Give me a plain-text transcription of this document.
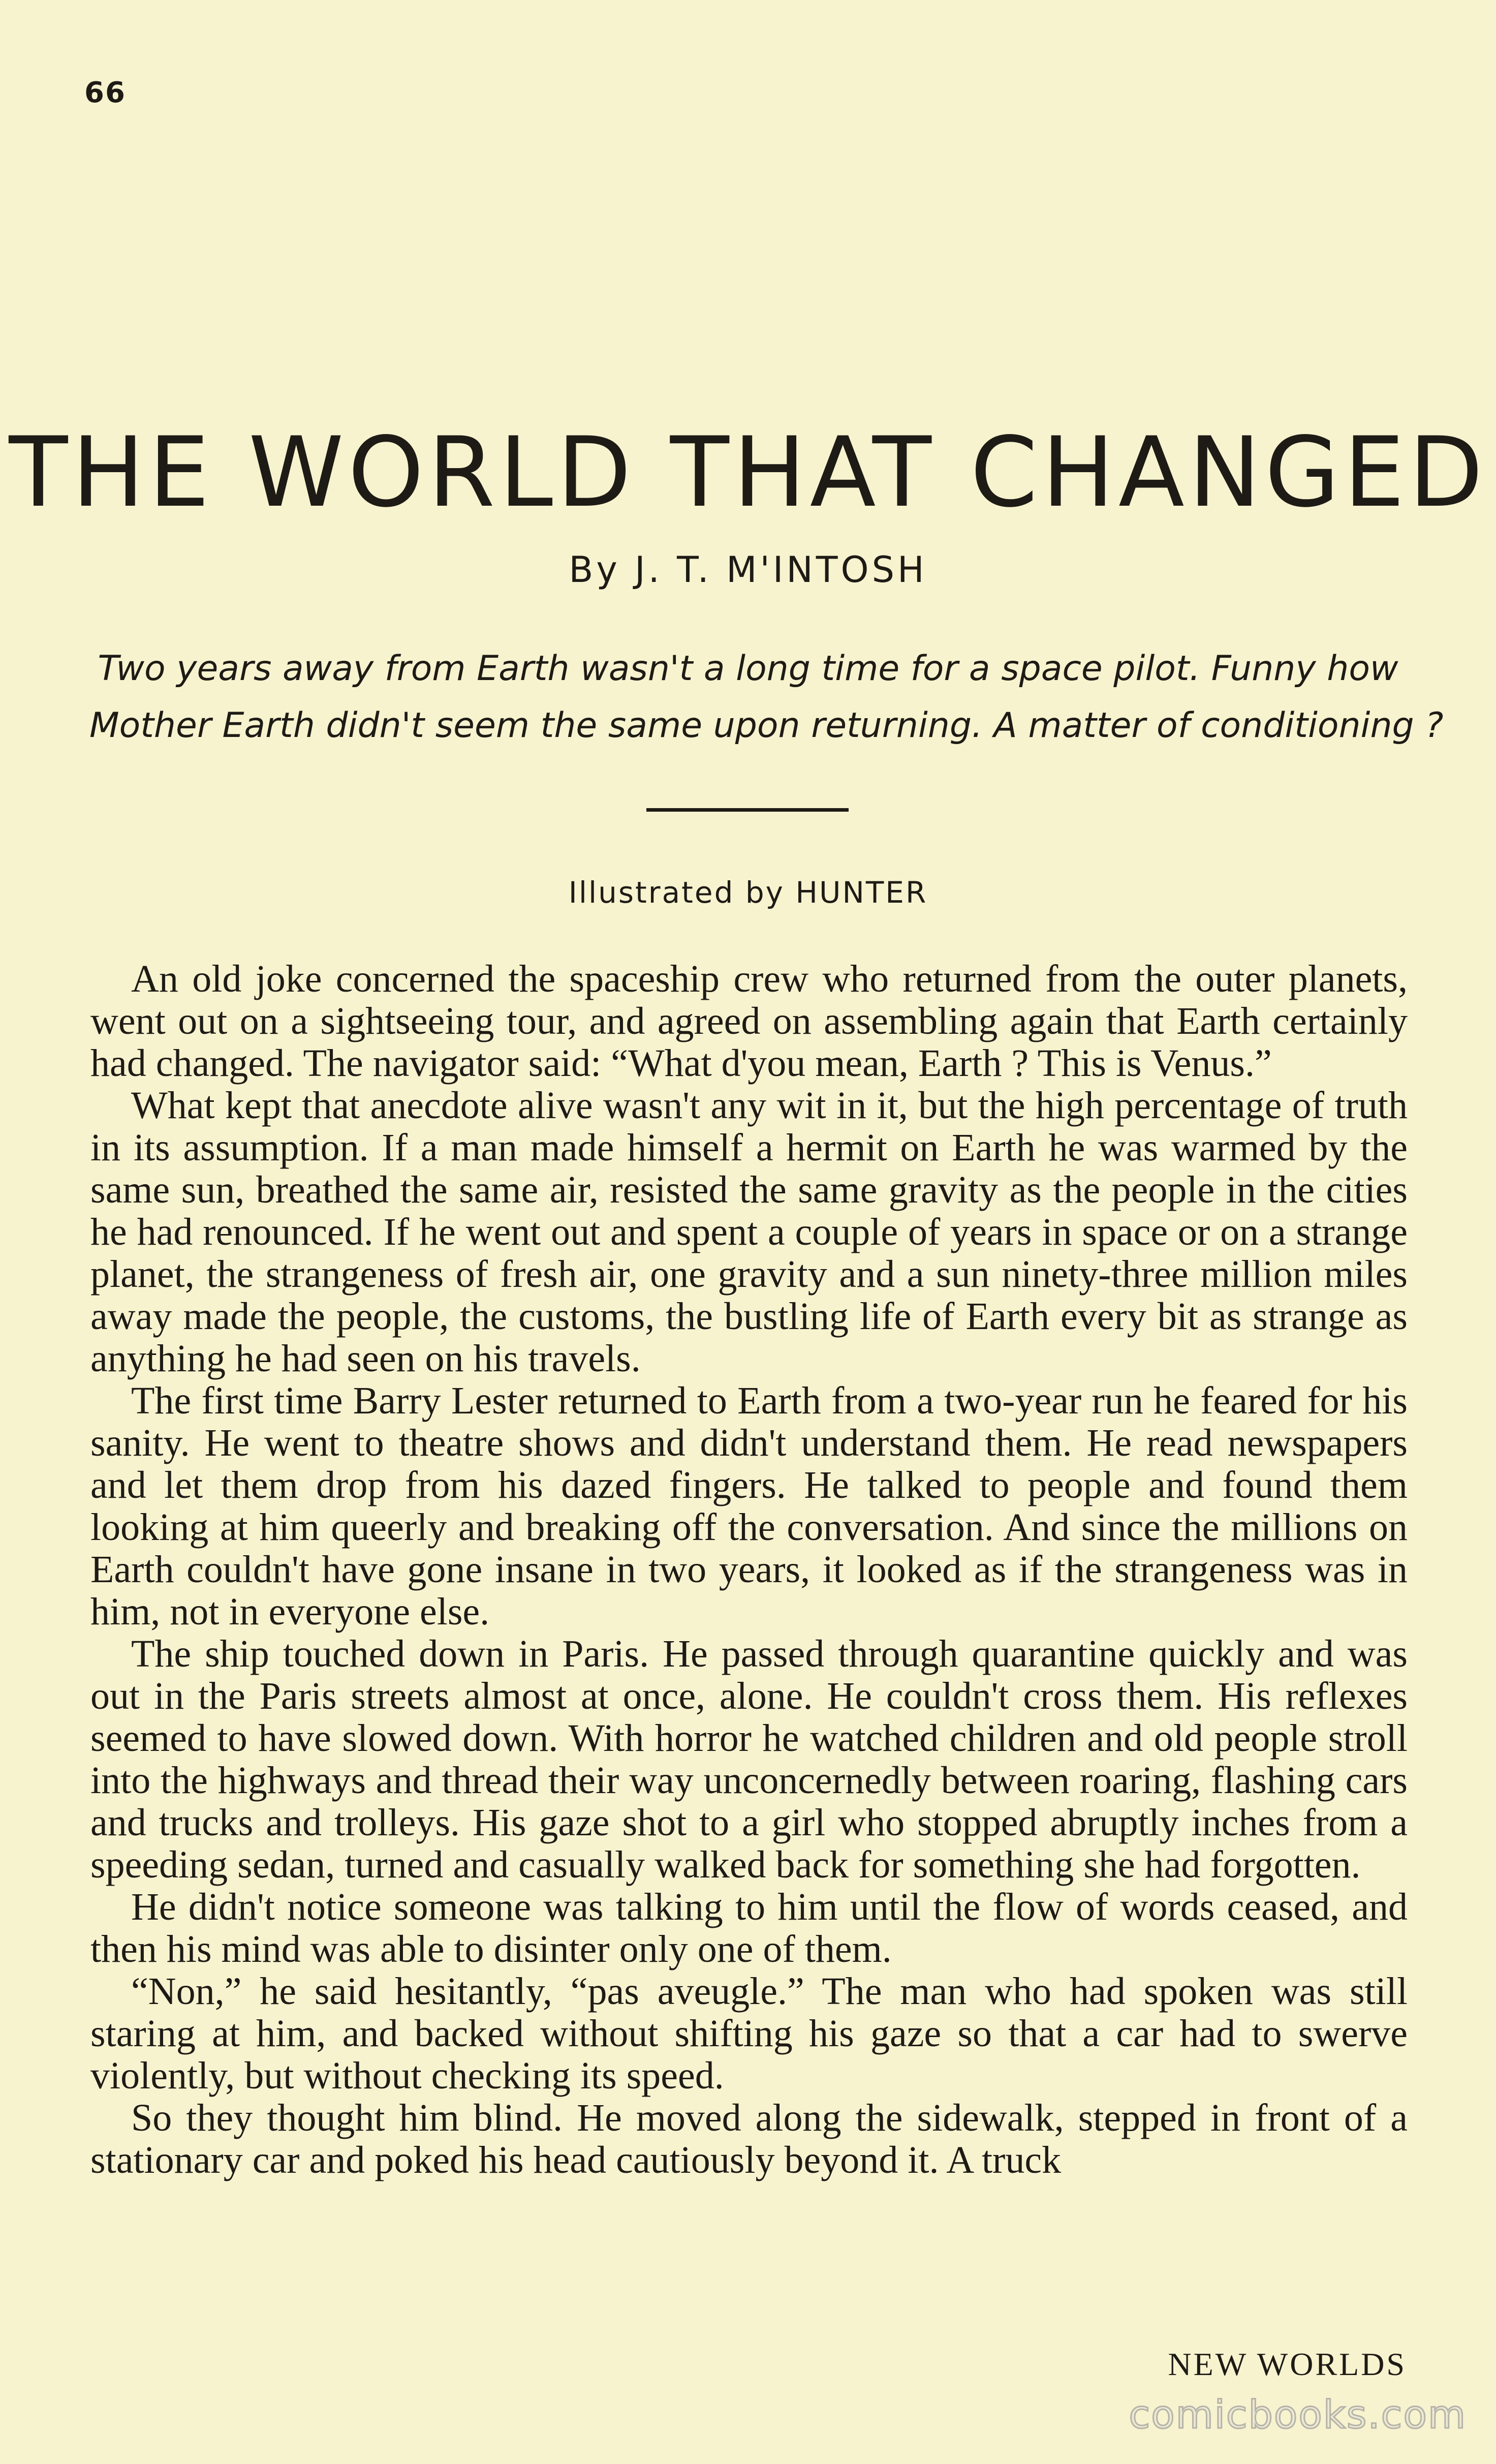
66
THE WORLD THAT CHANGED
By J. T. M'INTOSH
Two years away from Earth wasn't a long time for a space pilot. Funny how
Mother Earth didn't seem the same upon returning. A matter of conditioning ?
Illustrated by HUNTER

An old joke concerned the spaceship crew who returned from the outer planets, went out on a sightseeing tour, and agreed on assembling again that Earth certainly had changed. The navigator said: “What d'you mean, Earth ? This is Venus.”

What kept that anecdote alive wasn't any wit in it, but the high percentage of truth in its assumption. If a man made himself a hermit on Earth he was warmed by the same sun, breathed the same air, resisted the same gravity as the people in the cities he had renounced. If he went out and spent a couple of years in space or on a strange planet, the strangeness of fresh air, one gravity and a sun ninety-three million miles away made the people, the customs, the bustling life of Earth every bit as strange as anything he had seen on his travels.

The first time Barry Lester returned to Earth from a two-year run he feared for his sanity. He went to theatre shows and didn't understand them. He read newspapers and let them drop from his dazed fingers. He talked to people and found them looking at him queerly and breaking off the conversation. And since the millions on Earth couldn't have gone insane in two years, it looked as if the strangeness was in him, not in everyone else.

The ship touched down in Paris. He passed through quarantine quickly and was out in the Paris streets almost at once, alone. He couldn't cross them. His reflexes seemed to have slowed down. With horror he watched children and old people stroll into the highways and thread their way unconcernedly between roaring, flashing cars and trucks and trolleys. His gaze shot to a girl who stopped abruptly inches from a speeding sedan, turned and casually walked back for something she had forgotten.

He didn't notice someone was talking to him until the flow of words ceased, and then his mind was able to disinter only one of them.

“Non,” he said hesitantly, “pas aveugle.” The man who had spoken was still staring at him, and backed without shifting his gaze so that a car had to swerve violently, but without checking its speed.

So they thought him blind. He moved along the sidewalk, stepped in front of a stationary car and poked his head cautiously beyond it. A truck

NEW WORLDS
comicbooks.com
